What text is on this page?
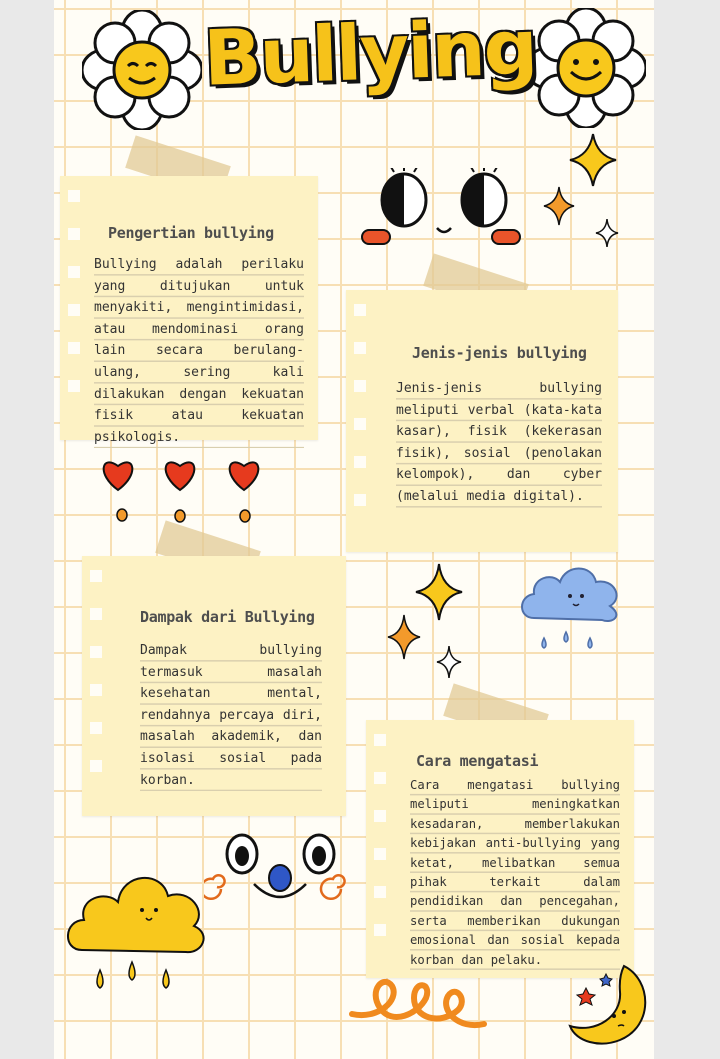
Bullying
Pengertian bullying

Bullying adalah perilaku yang ditujukan untuk menyakiti, mengintimidasi, atau mendominasi orang lain secara berulang-ulang, sering kali dilakukan dengan kekuatan fisik atau kekuatan psikologis.

Jenis-jenis bullying

Jenis-jenis bullying meliputi verbal (kata-kata kasar), fisik (kekerasan fisik), sosial (penolakan kelompok), dan cyber (melalui media digital).

Dampak dari Bullying

Dampak bullying termasuk masalah kesehatan mental, rendahnya percaya diri, masalah akademik, dan isolasi sosial pada korban.

Cara mengatasi

Cara mengatasi bullying meliputi meningkatkan kesadaran, memberlakukan kebijakan anti-bullying yang ketat, melibatkan semua pihak terkait dalam pendidikan dan pencegahan, serta memberikan dukungan emosional dan sosial kepada korban dan pelaku.
